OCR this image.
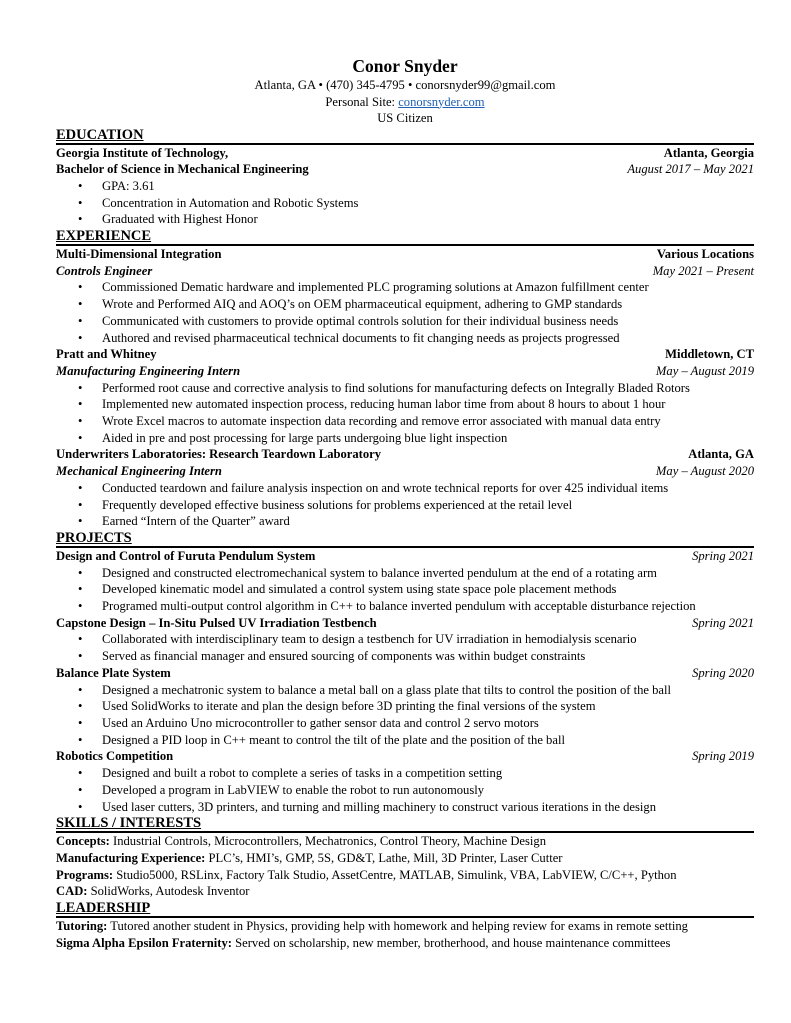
Conor Snyder
Atlanta, GA • (470) 345-4795 • conorsnyder99@gmail.com
Personal Site: conorsnyder.com
US Citizen
EDUCATION
Georgia Institute of Technology,	Atlanta, Georgia
Bachelor of Science in Mechanical Engineering	August 2017 – May 2021
• GPA: 3.61
• Concentration in Automation and Robotic Systems
• Graduated with Highest Honor
EXPERIENCE
Multi-Dimensional Integration	Various Locations
Controls Engineer	May 2021 – Present
• Commissioned Dematic hardware and implemented PLC programing solutions at Amazon fulfillment center
• Wrote and Performed AIQ and AOQ’s on OEM pharmaceutical equipment, adhering to GMP standards
• Communicated with customers to provide optimal controls solution for their individual business needs
• Authored and revised pharmaceutical technical documents to fit changing needs as projects progressed
Pratt and Whitney	Middletown, CT
Manufacturing Engineering Intern	May – August 2019
• Performed root cause and corrective analysis to find solutions for manufacturing defects on Integrally Bladed Rotors
• Implemented new automated inspection process, reducing human labor time from about 8 hours to about 1 hour
• Wrote Excel macros to automate inspection data recording and remove error associated with manual data entry
• Aided in pre and post processing for large parts undergoing blue light inspection
Underwriters Laboratories: Research Teardown Laboratory	Atlanta, GA
Mechanical Engineering Intern	May – August 2020
• Conducted teardown and failure analysis inspection on and wrote technical reports for over 425 individual items
• Frequently developed effective business solutions for problems experienced at the retail level
• Earned “Intern of the Quarter” award
PROJECTS
Design and Control of Furuta Pendulum System	Spring 2021
• Designed and constructed electromechanical system to balance inverted pendulum at the end of a rotating arm
• Developed kinematic model and simulated a control system using state space pole placement methods
• Programed multi-output control algorithm in C++ to balance inverted pendulum with acceptable disturbance rejection
Capstone Design – In-Situ Pulsed UV Irradiation Testbench	Spring 2021
• Collaborated with interdisciplinary team to design a testbench for UV irradiation in hemodialysis scenario
• Served as financial manager and ensured sourcing of components was within budget constraints
Balance Plate System	Spring 2020
• Designed a mechatronic system to balance a metal ball on a glass plate that tilts to control the position of the ball
• Used SolidWorks to iterate and plan the design before 3D printing the final versions of the system
• Used an Arduino Uno microcontroller to gather sensor data and control 2 servo motors
• Designed a PID loop in C++ meant to control the tilt of the plate and the position of the ball
Robotics Competition	Spring 2019
• Designed and built a robot to complete a series of tasks in a competition setting
• Developed a program in LabVIEW to enable the robot to run autonomously
• Used laser cutters, 3D printers, and turning and milling machinery to construct various iterations in the design
SKILLS / INTERESTS
Concepts: Industrial Controls, Microcontrollers, Mechatronics, Control Theory, Machine Design
Manufacturing Experience: PLC’s, HMI’s, GMP, 5S, GD&T, Lathe, Mill, 3D Printer, Laser Cutter
Programs: Studio5000, RSLinx, Factory Talk Studio, AssetCentre, MATLAB, Simulink, VBA, LabVIEW, C/C++, Python
CAD: SolidWorks, Autodesk Inventor
LEADERSHIP
Tutoring: Tutored another student in Physics, providing help with homework and helping review for exams in remote setting
Sigma Alpha Epsilon Fraternity: Served on scholarship, new member, brotherhood, and house maintenance committees
